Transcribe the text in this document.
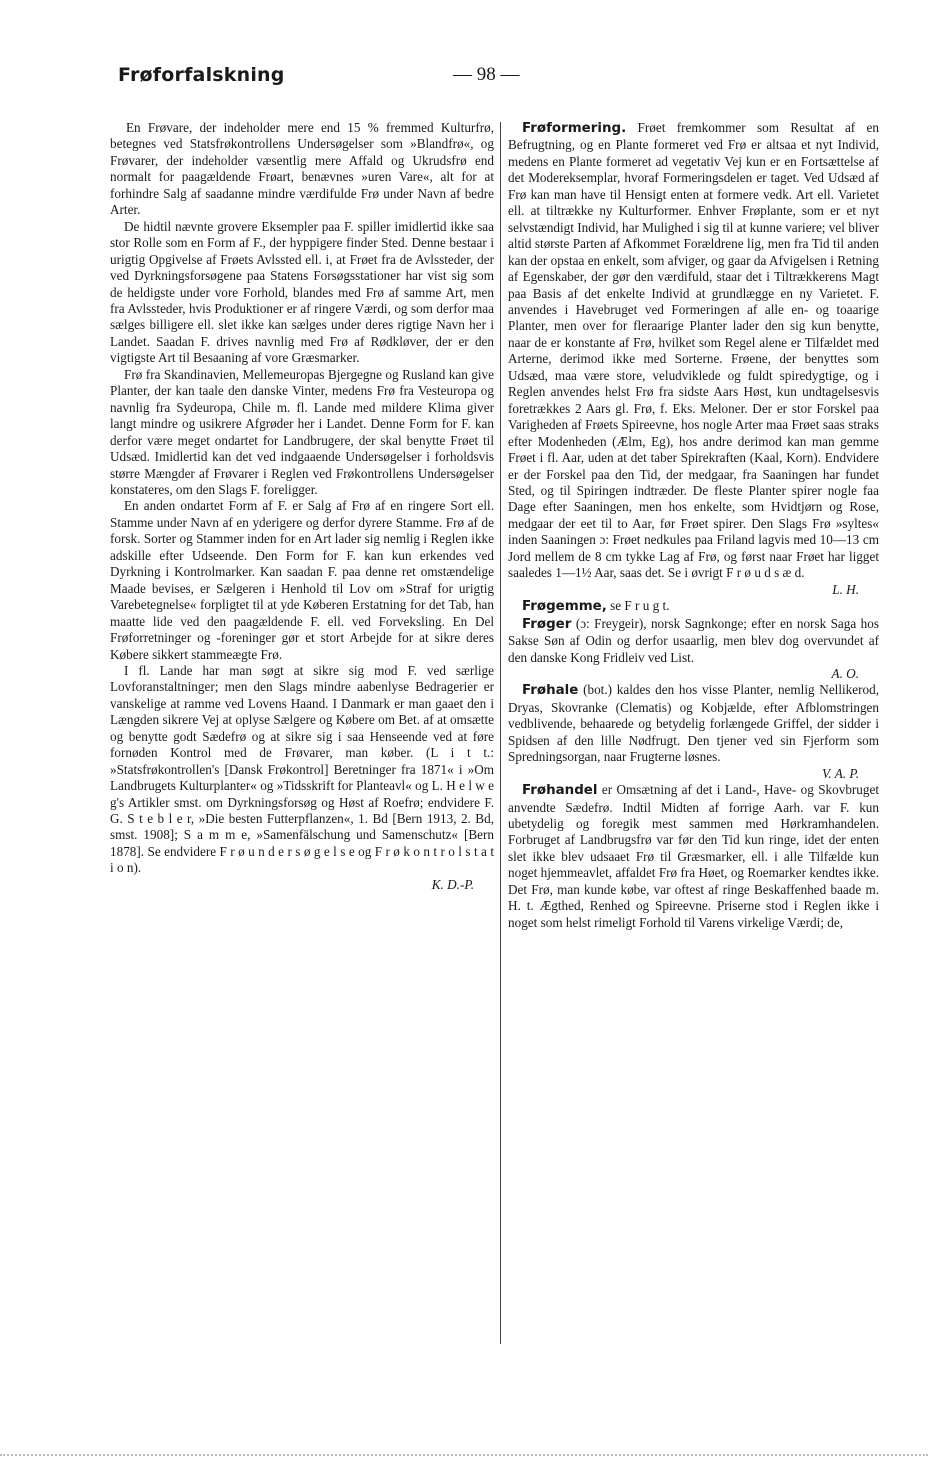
Frøforfalskning	— 98 —

En Frøvare, der indeholder mere end 15 % fremmed Kulturfrø, betegnes ved Statsfrøkontrollens Undersøgelser som »Blandfrø«, og Frøvarer, der indeholder væsentlig mere Affald og Ukrudsfrø end normalt for paagældende Frøart, benævnes »uren Vare«, alt for at forhindre Salg af saadanne mindre værdifulde Frø under Navn af bedre Arter.

De hidtil nævnte grovere Eksempler paa F. spiller imidlertid ikke saa stor Rolle som en Form af F., der hyppigere finder Sted. Denne bestaar i urigtig Opgivelse af Frøets Avlssted ell. i, at Frøet fra de Avlssteder, der ved Dyrkningsforsøgene paa Statens Forsøgsstationer har vist sig som de heldigste under vore Forhold, blandes med Frø af samme Art, men fra Avlssteder, hvis Produktioner er af ringere Værdi, og som derfor maa sælges billigere ell. slet ikke kan sælges under deres rigtige Navn her i Landet. Saadan F. drives navnlig med Frø af Rødkløver, der er den vigtigste Art til Besaaning af vore Græsmarker.

Frø fra Skandinavien, Mellemeuropas Bjergegne og Rusland kan give Planter, der kan taale den danske Vinter, medens Frø fra Vesteuropa og navnlig fra Sydeuropa, Chile m. fl. Lande med mildere Klima giver langt mindre og usikrere Afgrøder her i Landet. Denne Form for F. kan derfor være meget ondartet for Landbrugere, der skal benytte Frøet til Udsæd. Imidlertid kan det ved indgaaende Undersøgelser i forholdsvis større Mængder af Frøvarer i Reglen ved Frøkontrollens Undersøgelser konstateres, om den Slags F. foreligger.

En anden ondartet Form af F. er Salg af Frø af en ringere Sort ell. Stamme under Navn af en yderigere og derfor dyrere Stamme. Frø af de forsk. Sorter og Stammer inden for en Art lader sig nemlig i Reglen ikke adskille efter Udseende. Den Form for F. kan kun erkendes ved Dyrkning i Kontrolmarker. Kan saadan F. paa denne ret omstændelige Maade bevises, er Sælgeren i Henhold til Lov om »Straf for urigtig Varebetegnelse« forpligtet til at yde Køberen Erstatning for det Tab, han maatte lide ved den paagældende F. ell. ved Forveksling. En Del Frøforretninger og -foreninger gør et stort Arbejde for at sikre deres Købere sikkert stammeægte Frø.

I fl. Lande har man søgt at sikre sig mod F. ved særlige Lovforanstaltninger; men den Slags mindre aabenlyse Bedragerier er vanskelige at ramme ved Lovens Haand. I Danmark er man gaaet den i Længden sikrere Vej at oplyse Sælgere og Købere om Bet. af at omsætte og benytte godt Sædefrø og at sikre sig i saa Henseende ved at føre fornøden Kontrol med de Frøvarer, man køber. (L i t t.: »Statsfrøkontrollen's [Dansk Frøkontrol] Beretninger fra 1871« i »Om Landbrugets Kulturplanter« og »Tidsskrift for Planteavl« og L. H e l w e g's Artikler smst. om Dyrkningsforsøg og Høst af Roefrø; endvidere F. G. S t e b l e r, »Die besten Futterpflanzen«, 1. Bd [Bern 1913, 2. Bd, smst. 1908]; S a m m e, »Samenfälschung und Samenschutz« [Bern 1878]. Se endvidere F r ø u n d e r s ø g e l s e og F r ø k o n t r o l s t a t i o n).

K. D.-P.

Frøformering. Frøet fremkommer som Resultat af en Befrugtning, og en Plante formeret ved Frø er altsaa et nyt Individ, medens en Plante formeret ad vegetativ Vej kun er en Fortsættelse af det Modereksemplar, hvoraf Formeringsdelen er taget. Ved Udsæd af Frø kan man have til Hensigt enten at formere vedk. Art ell. Varietet ell. at tiltrække ny Kulturformer. Enhver Frøplante, som er et nyt selvstændigt Individ, har Mulighed i sig til at kunne variere; vel bliver altid største Parten af Afkommet Forældrene lig, men fra Tid til anden kan der opstaa en enkelt, som afviger, og gaar da Afvigelsen i Retning af Egenskaber, der gør den værdifuld, staar det i Tiltrækkerens Magt paa Basis af det enkelte Individ at grundlægge en ny Varietet. F. anvendes i Havebruget ved Formeringen af alle en- og toaarige Planter, men over for fleraarige Planter lader den sig kun benytte, naar de er konstante af Frø, hvilket som Regel alene er Tilfældet med Arterne, derimod ikke med Sorterne. Frøene, der benyttes som Udsæd, maa være store, veludviklede og fuldt spiredygtige, og i Reglen anvendes helst Frø fra sidste Aars Høst, kun undtagelsesvis foretrækkes 2 Aars gl. Frø, f. Eks. Meloner. Der er stor Forskel paa Varigheden af Frøets Spireevne, hos nogle Arter maa Frøet saas straks efter Modenheden (Ælm, Eg), hos andre derimod kan man gemme Frøet i fl. Aar, uden at det taber Spirekraften (Kaal, Korn). Endvidere er der Forskel paa den Tid, der medgaar, fra Saaningen har fundet Sted, og til Spiringen indtræder. De fleste Planter spirer nogle faa Dage efter Saaningen, men hos enkelte, som Hvidtjørn og Rose, medgaar der eet til to Aar, før Frøet spirer. Den Slags Frø »syltes« inden Saaningen ɔ: Frøet nedkules paa Friland lagvis med 10—13 cm Jord mellem de 8 cm tykke Lag af Frø, og først naar Frøet har ligget saaledes 1—1½ Aar, saas det. Se i øvrigt F r ø u d s æ d.

L. H.

Frøgemme, se F r u g t.

Frøger (ɔ: Freygeir), norsk Sagnkonge; efter en norsk Saga hos Sakse Søn af Odin og derfor usaarlig, men blev dog overvundet af den danske Kong Fridleiv ved List.

A. O.

Frøhale (bot.) kaldes den hos visse Planter, nemlig Nellikerod, Dryas, Skovranke (Clematis) og Kobjælde, efter Afblomstringen vedblivende, behaarede og betydelig forlængede Griffel, der sidder i Spidsen af den lille Nødfrugt. Den tjener ved sin Fjerform som Spredningsorgan, naar Frugterne løsnes.

V. A. P.

Frøhandel er Omsætning af det i Land-, Have- og Skovbruget anvendte Sædefrø. Indtil Midten af forrige Aarh. var F. kun ubetydelig og foregik mest sammen med Hørkramhandelen. Forbruget af Landbrugsfrø var før den Tid kun ringe, idet der enten slet ikke blev udsaaet Frø til Græsmarker, ell. i alle Tilfælde kun noget hjemmeavlet, affaldet Frø fra Høet, og Roemarker kendtes ikke. Det Frø, man kunde købe, var oftest af ringe Beskaffenhed baade m. H. t. Ægthed, Renhed og Spireevne. Priserne stod i Reglen ikke i noget som helst rimeligt Forhold til Varens virkelige Værdi; de,
